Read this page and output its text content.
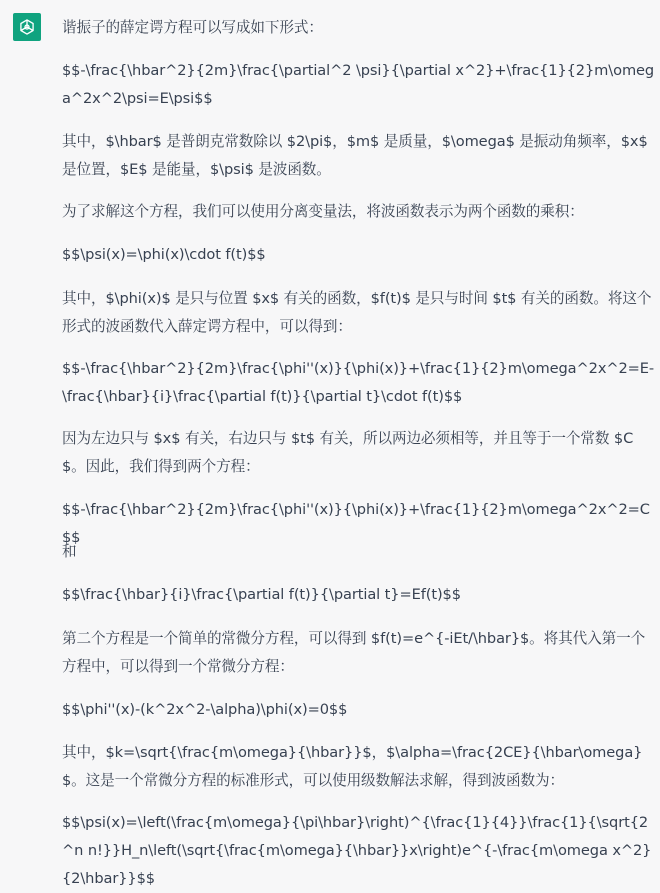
谐振子的薛定谔方程可以写成如下形式：
$$-\frac{\hbar^2}{2m}\frac{\partial^2 \psi}{\partial x^2}+\frac{1}{2}m\omega^2x^2\psi=E\psi$$
其中，$\hbar$ 是普朗克常数除以 $2\pi$，$m$ 是质量，$\omega$ 是振动角频率，$x$ 是位置，$E$ 是能量，$\psi$ 是波函数。
为了求解这个方程，我们可以使用分离变量法，将波函数表示为两个函数的乘积：
$$\psi(x)=\phi(x)\cdot f(t)$$
其中，$\phi(x)$ 是只与位置 $x$ 有关的函数，$f(t)$ 是只与时间 $t$ 有关的函数。将这个形式的波函数代入薛定谔方程中，可以得到：
$$-\frac{\hbar^2}{2m}\frac{\phi''(x)}{\phi(x)}+\frac{1}{2}m\omega^2x^2=E-\frac{\hbar}{i}\frac{\partial f(t)}{\partial t}\cdot f(t)$$
因为左边只与 $x$ 有关，右边只与 $t$ 有关，所以两边必须相等，并且等于一个常数 $C$。因此，我们得到两个方程：
$$-\frac{\hbar^2}{2m}\frac{\phi''(x)}{\phi(x)}+\frac{1}{2}m\omega^2x^2=C$$
和
$$\frac{\hbar}{i}\frac{\partial f(t)}{\partial t}=Ef(t)$$
第二个方程是一个简单的常微分方程，可以得到 $f(t)=e^{-iEt/\hbar}$。将其代入第一个方程中，可以得到一个常微分方程：
$$\phi''(x)-(k^2x^2-\alpha)\phi(x)=0$$
其中，$k=\sqrt{\frac{m\omega}{\hbar}}$，$\alpha=\frac{2CE}{\hbar\omega}$。这是一个常微分方程的标准形式，可以使用级数解法求解，得到波函数为：
$$\psi(x)=\left(\frac{m\omega}{\pi\hbar}\right)^{\frac{1}{4}}\frac{1}{\sqrt{2^n n!}}H_n\left(\sqrt{\frac{m\omega}{\hbar}}x\right)e^{-\frac{m\omega x^2}{2\hbar}}$$
